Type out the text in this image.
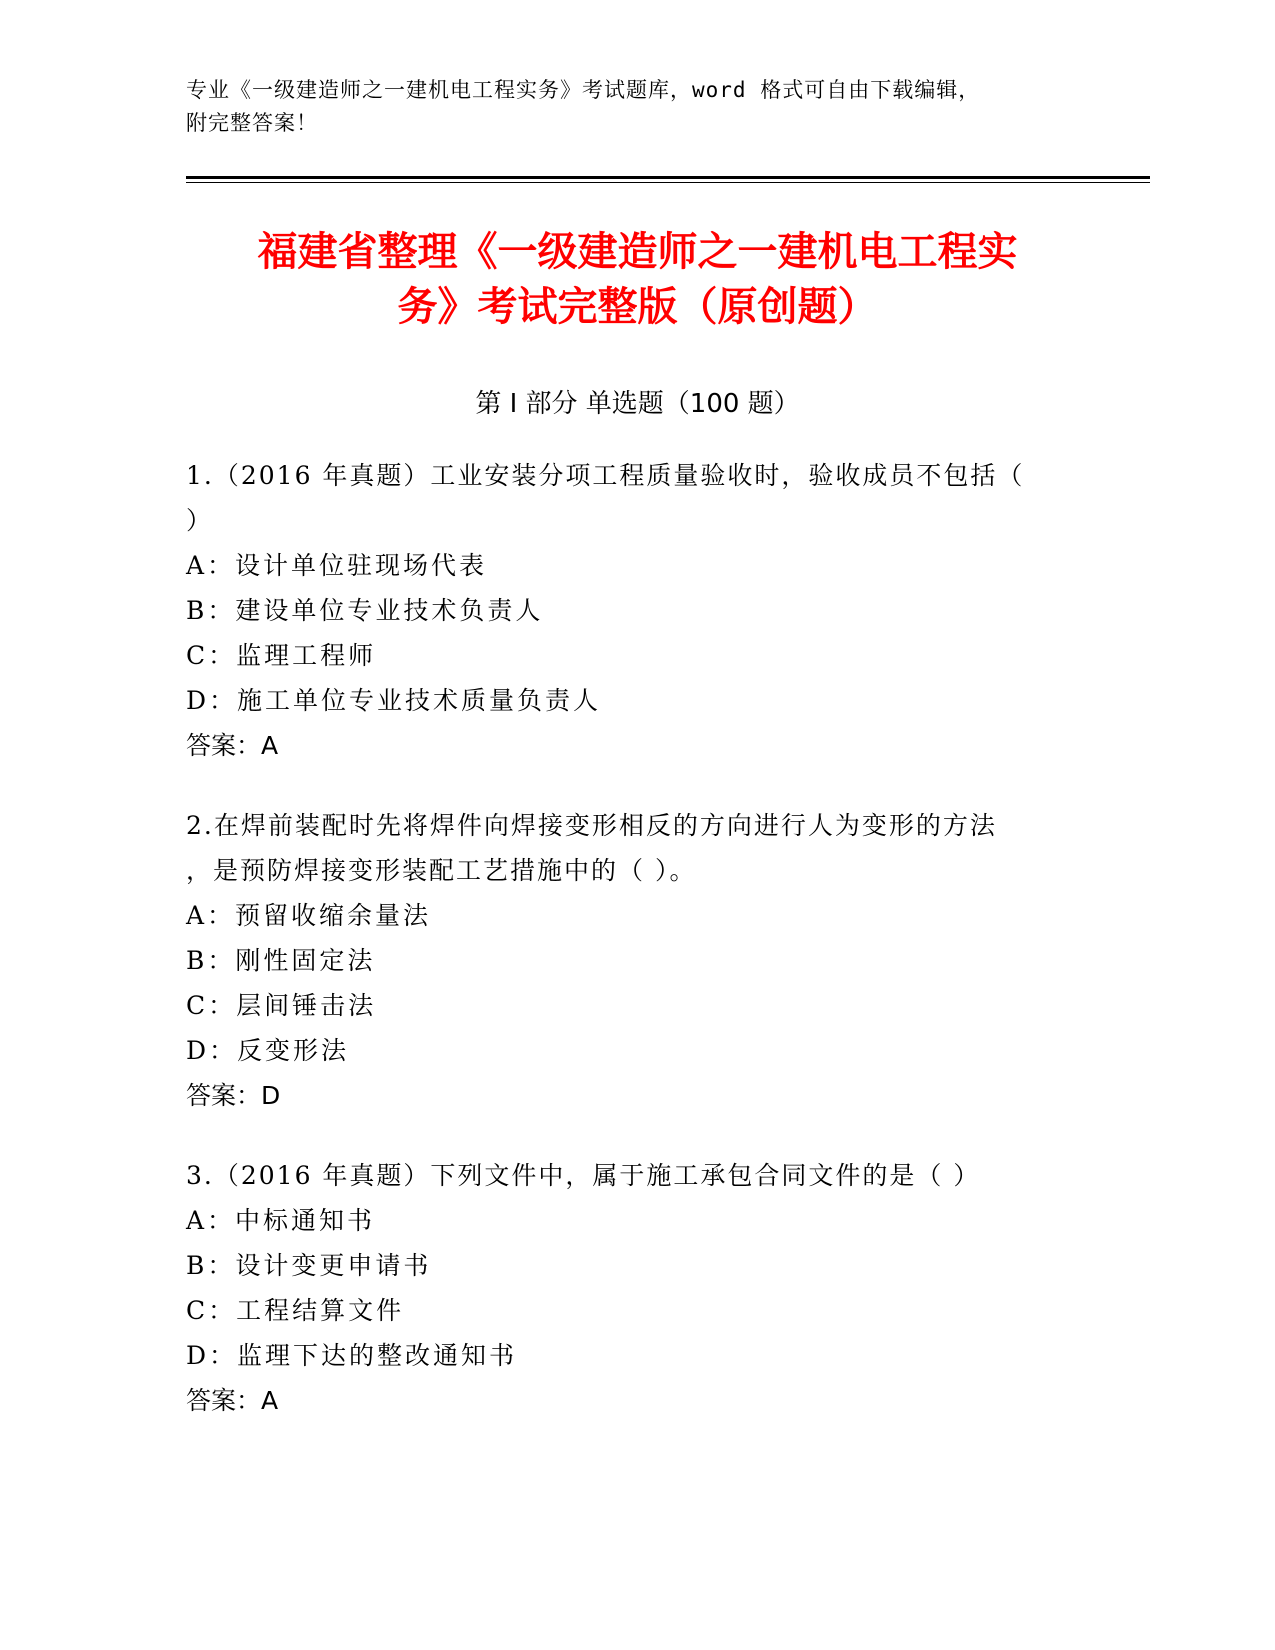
专业《一级建造师之一建机电工程实务》考试题库，word 格式可自由下载编辑，
附完整答案！
福建省整理《一级建造师之一建机电工程实
务》考试完整版（原创题）
第 I 部分 单选题（100 题）

1.（2016 年真题）工业安装分项工程质量验收时，验收成员不包括（

）

A：设计单位驻现场代表

B：建设单位专业技术负责人

C：监理工程师

D：施工单位专业技术质量负责人

答案：A

2.在焊前装配时先将焊件向焊接变形相反的方向进行人为变形的方法

，是预防焊接变形装配工艺措施中的（ ）。

A：预留收缩余量法

B：刚性固定法

C：层间锤击法

D：反变形法

答案：D

3.（2016 年真题）下列文件中，属于施工承包合同文件的是（ ）

A：中标通知书

B：设计变更申请书

C：工程结算文件

D：监理下达的整改通知书

答案：A
